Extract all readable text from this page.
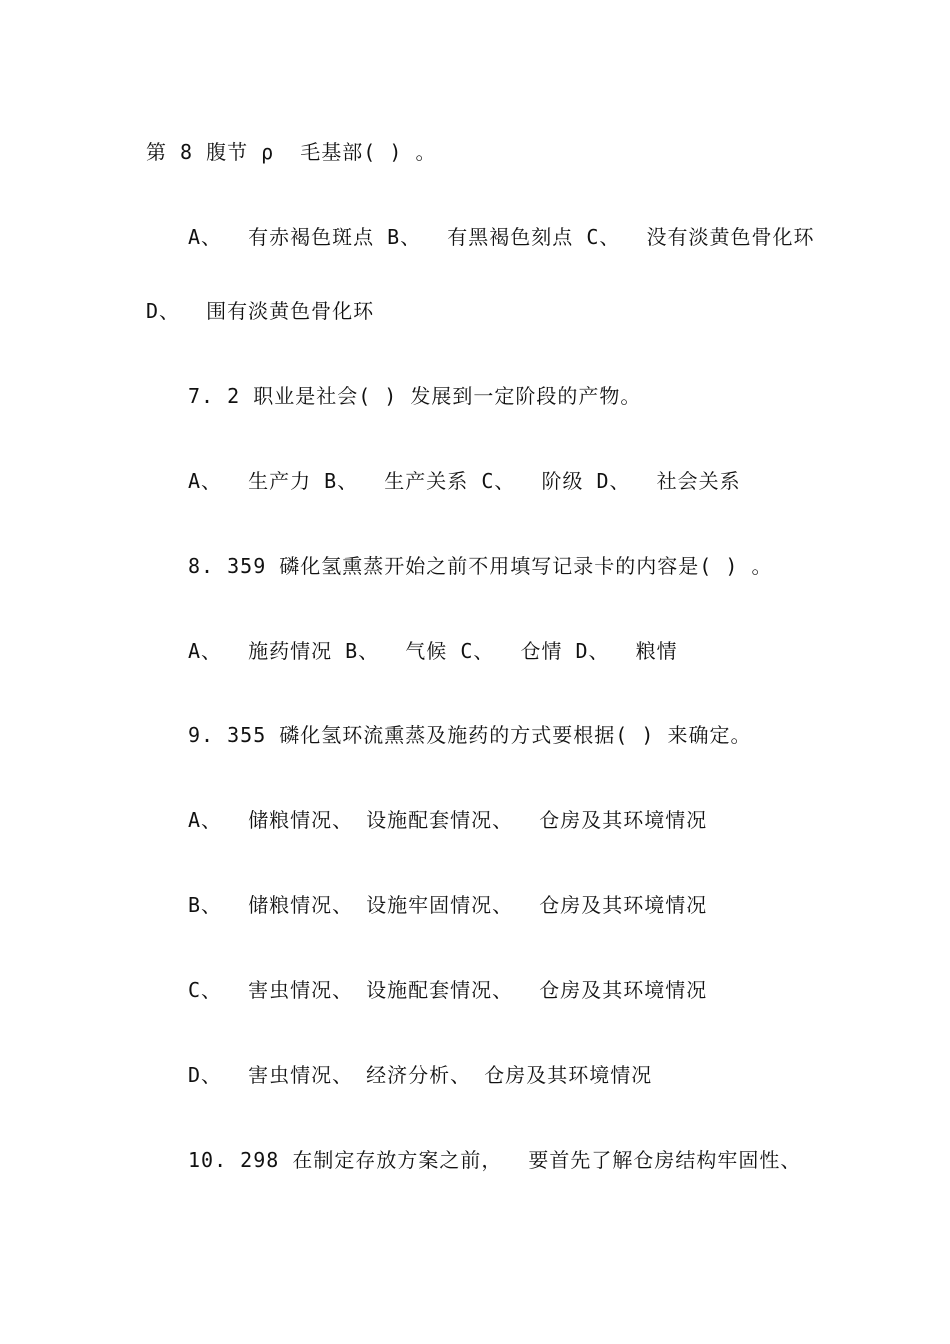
第 8 腹节 ρ  毛基部( ) 。
A、  有赤褐色斑点 B、  有黑褐色刻点 C、  没有淡黄色骨化环
D、  围有淡黄色骨化环
7. 2 职业是社会( ) 发展到一定阶段的产物。
A、  生产力 B、  生产关系 C、  阶级 D、  社会关系
8. 359 磷化氢熏蒸开始之前不用填写记录卡的内容是( ) 。
A、  施药情况 B、  气候 C、  仓情 D、  粮情
9. 355 磷化氢环流熏蒸及施药的方式要根据( ) 来确定。
A、  储粮情况、 设施配套情况、  仓房及其环境情况
B、  储粮情况、 设施牢固情况、  仓房及其环境情况
C、  害虫情况、 设施配套情况、  仓房及其环境情况
D、  害虫情况、 经济分析、 仓房及其环境情况
10. 298 在制定存放方案之前，  要首先了解仓房结构牢固性、
